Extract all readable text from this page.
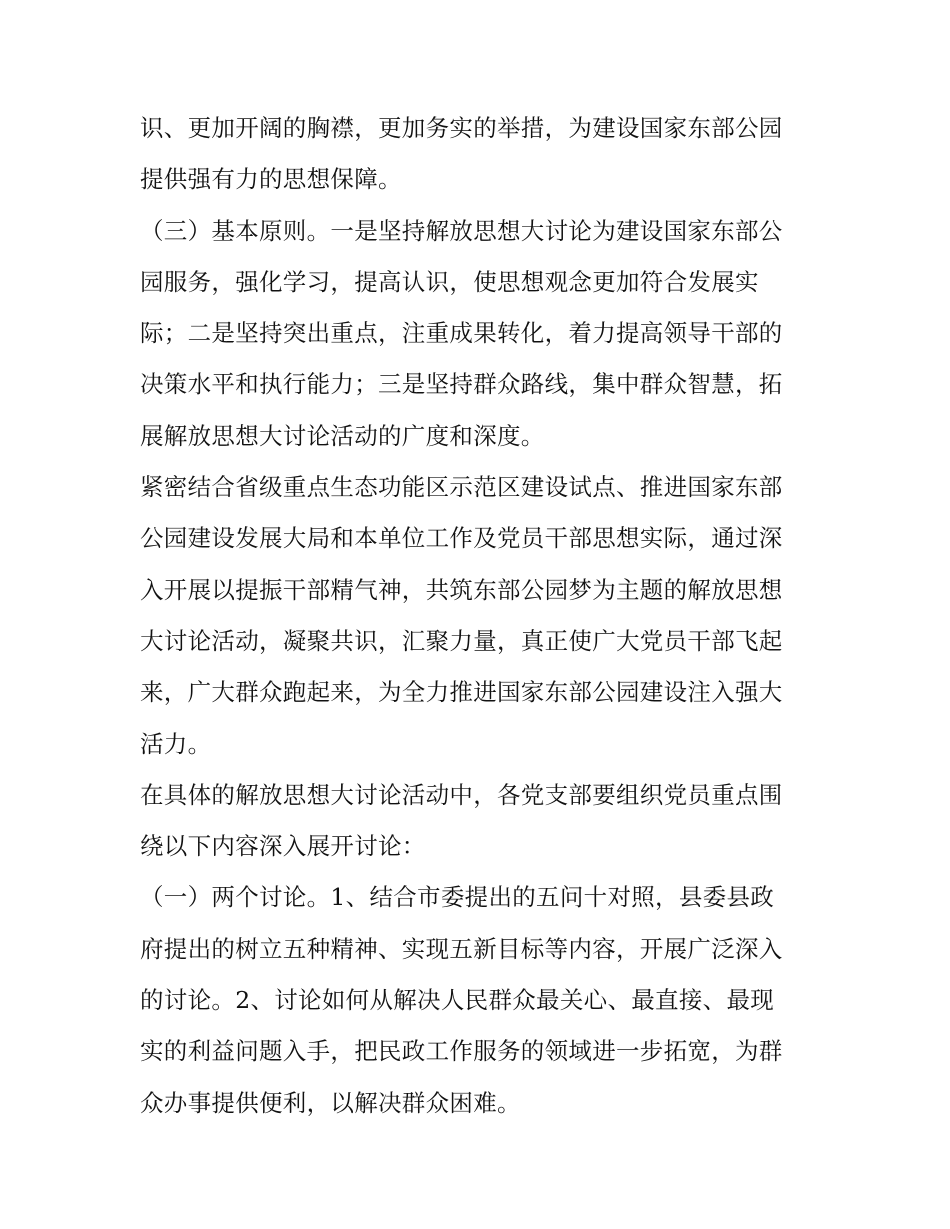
识、更加开阔的胸襟，更加务实的举措，为建设国家东部公园
提供强有力的思想保障。
（三）基本原则。一是坚持解放思想大讨论为建设国家东部公
园服务，强化学习，提高认识，使思想观念更加符合发展实
际；二是坚持突出重点，注重成果转化，着力提高领导干部的
决策水平和执行能力；三是坚持群众路线，集中群众智慧，拓
展解放思想大讨论活动的广度和深度。
紧密结合省级重点生态功能区示范区建设试点、推进国家东部
公园建设发展大局和本单位工作及党员干部思想实际，通过深
入开展以提振干部精气神，共筑东部公园梦为主题的解放思想
大讨论活动，凝聚共识，汇聚力量，真正使广大党员干部飞起
来，广大群众跑起来，为全力推进国家东部公园建设注入强大
活力。
在具体的解放思想大讨论活动中，各党支部要组织党员重点围
绕以下内容深入展开讨论：
（一）两个讨论。1、结合市委提出的五问十对照，县委县政
府提出的树立五种精神、实现五新目标等内容，开展广泛深入
的讨论。2、讨论如何从解决人民群众最关心、最直接、最现
实的利益问题入手，把民政工作服务的领域进一步拓宽，为群
众办事提供便利，以解决群众困难。
